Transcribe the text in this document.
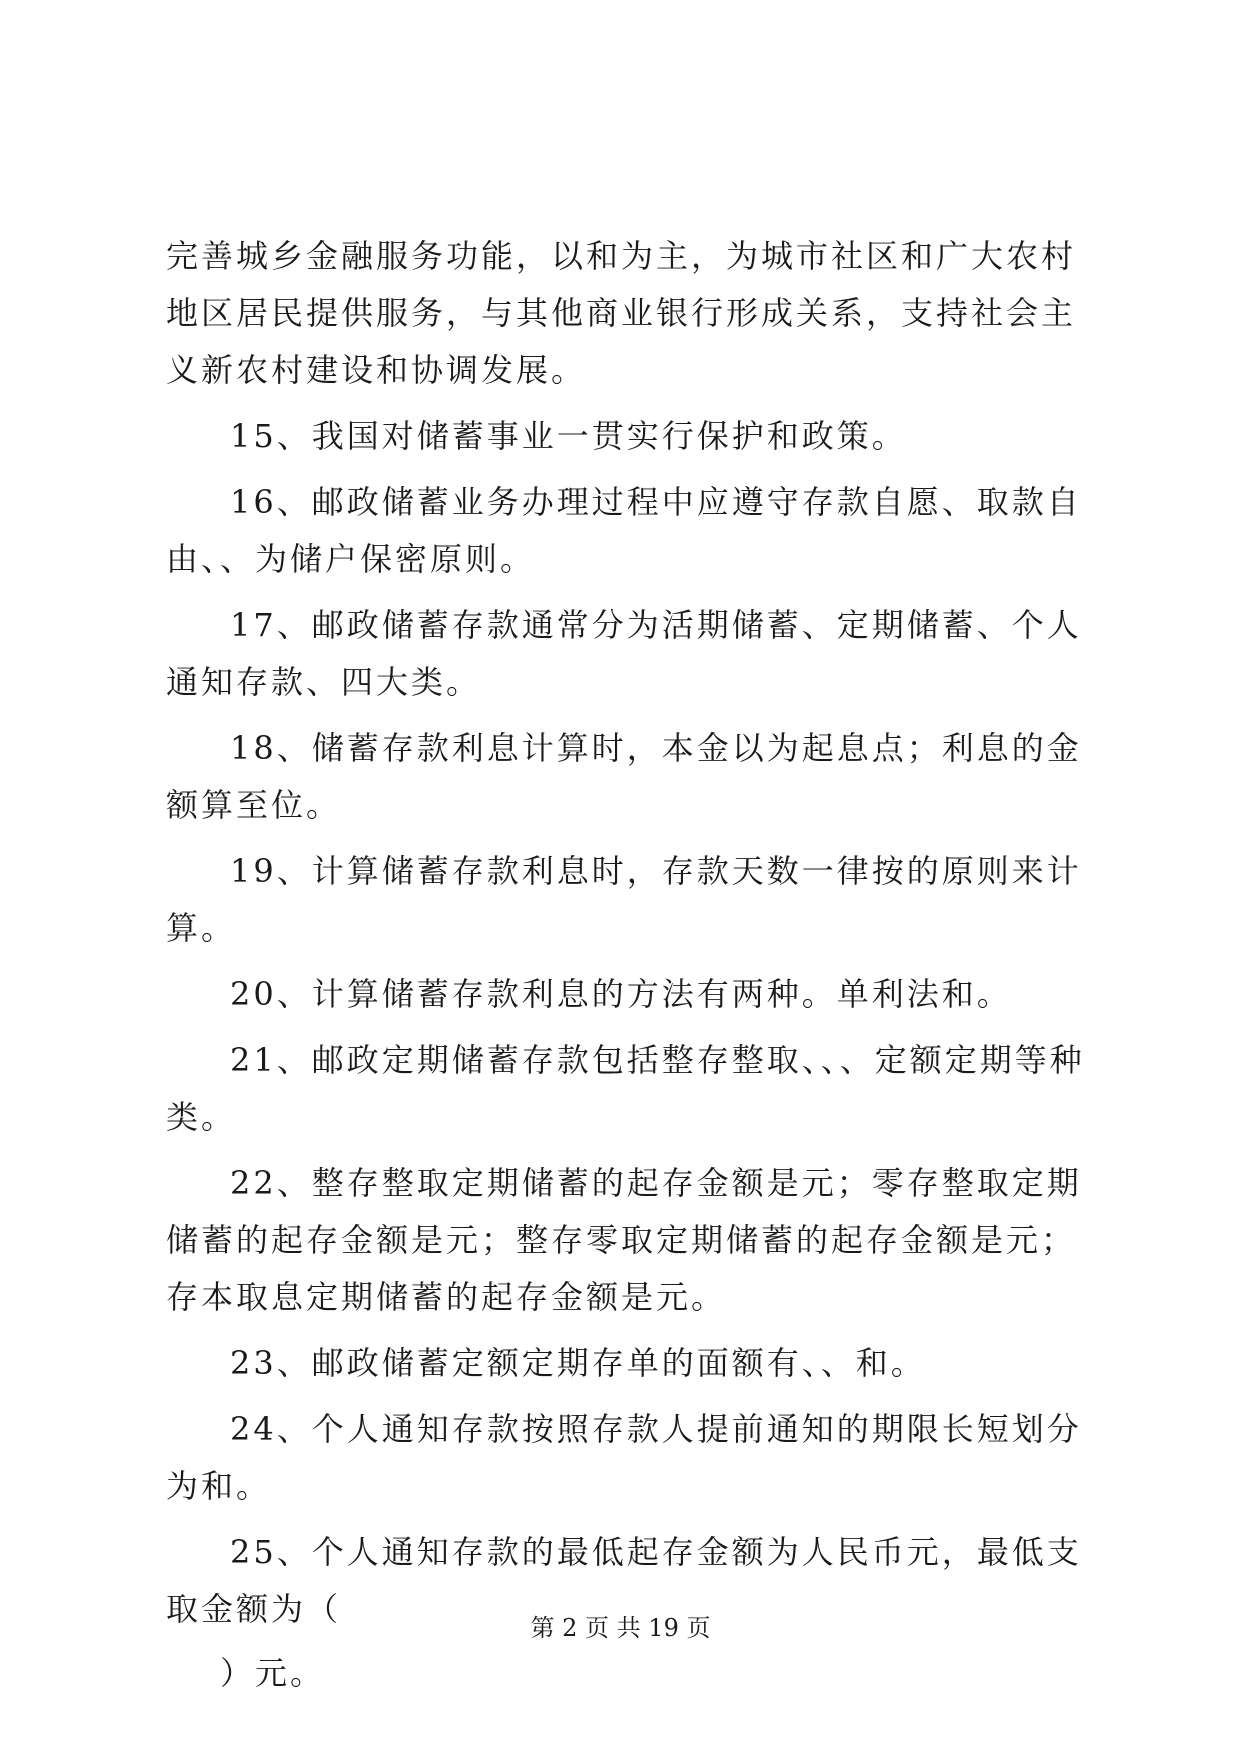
完善城乡金融服务功能，以和为主，为城市社区和广大农村地区居民提供服务，与其他商业银行形成关系，支持社会主义新农村建设和协调发展。

15、我国对储蓄事业一贯实行保护和政策。

16、邮政储蓄业务办理过程中应遵守存款自愿、取款自由、、为储户保密原则。

17、邮政储蓄存款通常分为活期储蓄、定期储蓄、个人通知存款、四大类。

18、储蓄存款利息计算时，本金以为起息点；利息的金额算至位。

19、计算储蓄存款利息时，存款天数一律按的原则来计算。

20、计算储蓄存款利息的方法有两种。单利法和。

21、邮政定期储蓄存款包括整存整取、、、定额定期等种类。

22、整存整取定期储蓄的起存金额是元；零存整取定期储蓄的起存金额是元；整存零取定期储蓄的起存金额是元；存本取息定期储蓄的起存金额是元。

23、邮政储蓄定额定期存单的面额有、、和。

24、个人通知存款按照存款人提前通知的期限长短划分为和。

25、个人通知存款的最低起存金额为人民币元，最低支取金额为（

）元。

第 2 页 共 19 页
